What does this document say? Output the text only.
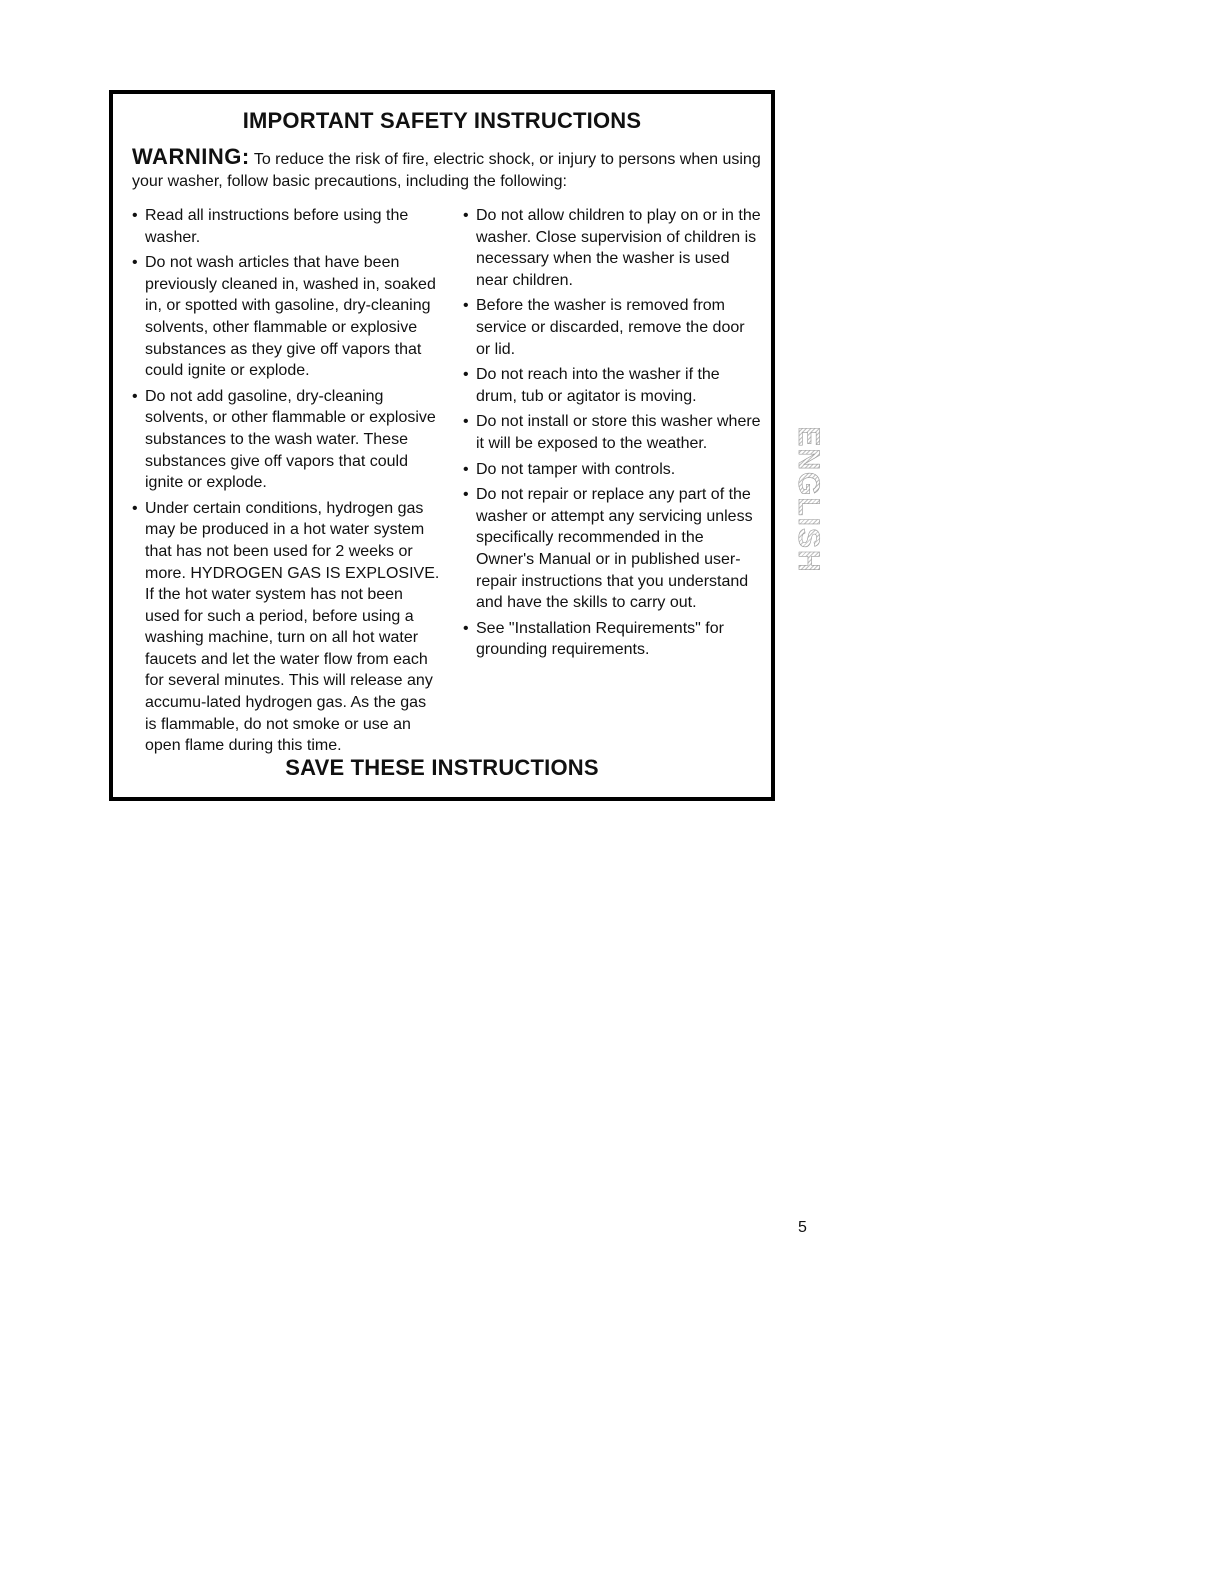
IMPORTANT SAFETY INSTRUCTIONS
WARNING: To reduce the risk of fire, electric shock, or injury to persons when using your washer, follow basic precautions, including the following:
• Read all instructions before using the washer.
• Do not wash articles that have been previously cleaned in, washed in, soaked in, or spotted with gasoline, dry-cleaning solvents, other flammable or explosive substances as they give off vapors that could ignite or explode.
• Do not add gasoline, dry-cleaning solvents, or other flammable or explosive substances to the wash water. These substances give off vapors that could ignite or explode.
• Under certain conditions, hydrogen gas may be produced in a hot water system that has not been used for 2 weeks or more. HYDROGEN GAS IS EXPLOSIVE. If the hot water system has not been used for such a period, before using a washing machine, turn on all hot water faucets and let the water flow from each for several minutes. This will release any accumu-lated hydrogen gas. As the gas is flammable, do not smoke or use an open flame during this time.
• Do not allow children to play on or in the washer. Close supervision of children is necessary when the washer is used near children.
• Before the washer is removed from service or discarded, remove the door or lid.
• Do not reach into the washer if the drum, tub or agitator is moving.
• Do not install or store this washer where it will be exposed to the weather.
• Do not tamper with controls.
• Do not repair or replace any part of the washer or attempt any servicing unless specifically recommended in the Owner's Manual or in published user-repair instructions that you understand and have the skills to carry out.
• See "Installation Requirements" for grounding requirements.
SAVE THESE INSTRUCTIONS
ENGLISH
5
